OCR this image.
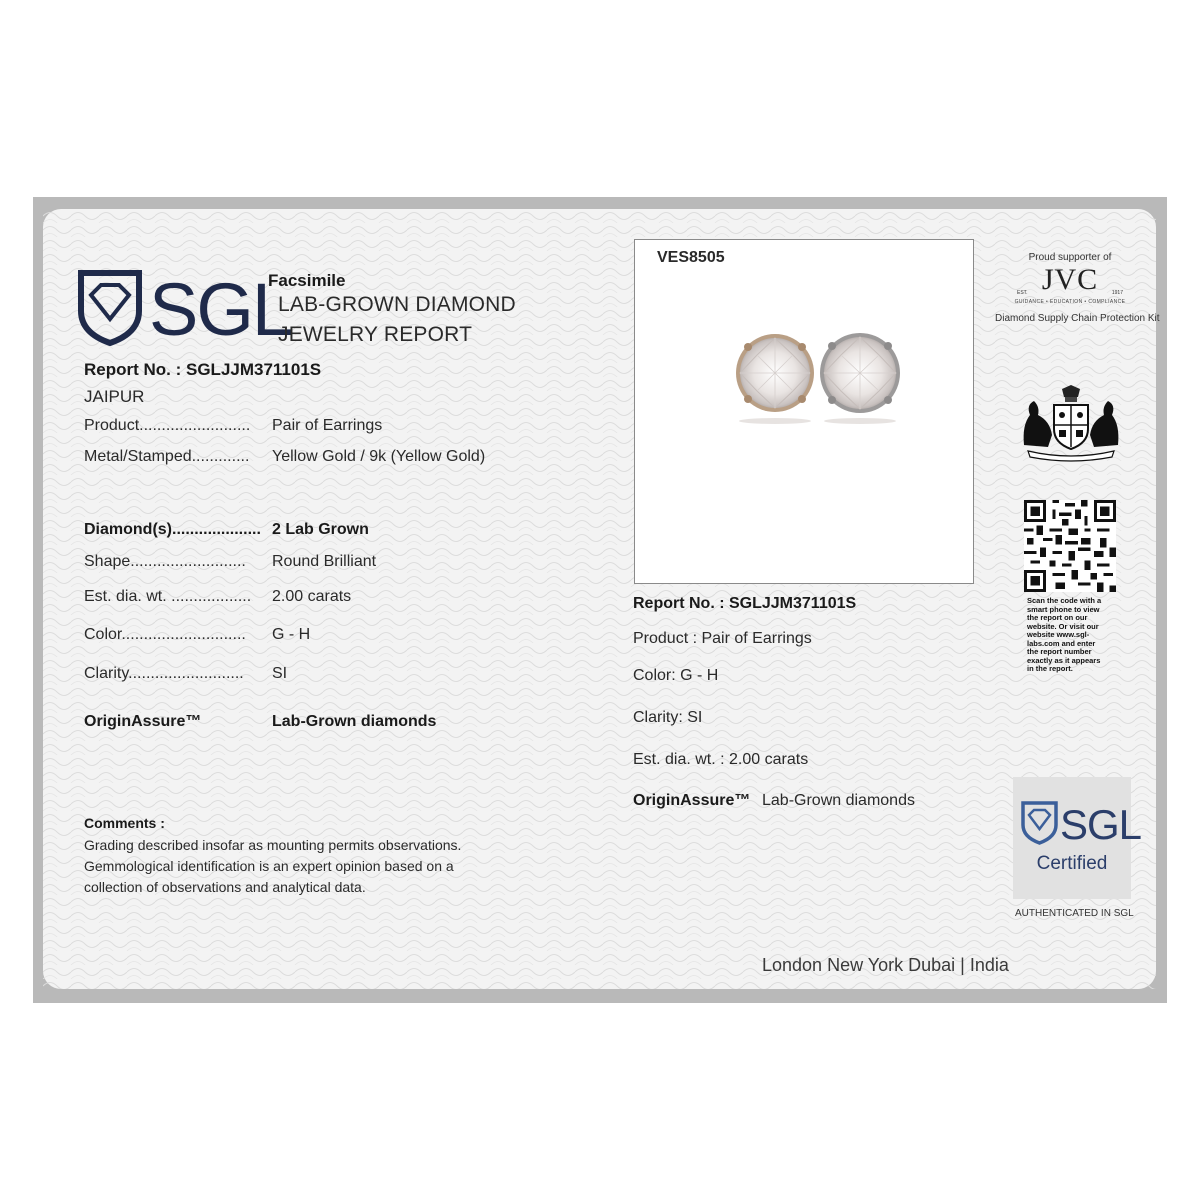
SGL
Facsimile
LAB-GROWN DIAMOND
JEWELRY REPORT
Report No. : SGLJJM371101S
JAIPUR
Product......................... Pair of Earrings
Metal/Stamped............. Yellow Gold / 9k (Yellow Gold)
Diamond(s).................... 2 Lab Grown
Shape.......................... Round Brilliant
Est. dia. wt. .................. 2.00 carats
Color............................ G - H
Clarity.......................... SI
OriginAssure™	Lab-Grown diamonds
Comments :
Grading described insofar as mounting permits observations.
Gemmological identification is an expert opinion based on a
collection of observations and analytical data.
VES8505
Report No. : SGLJJM371101S
Product : Pair of Earrings
Color: G - H
Clarity: SI
Est. dia. wt. : 2.00 carats
OriginAssure™ Lab-Grown diamonds
Proud supporter of
EST. JVC	1917
GUIDANCE • EDUCATION • COMPLIANCE
Diamond Supply Chain Protection Kit
Scan the code with a
smart phone to view
the report on our
website. Or visit our
website www.sgl-
labs.com and enter
the report number
exactly as it appears
in the report.
SGL
Certified
AUTHENTICATED IN SGL
London New York Dubai | India
